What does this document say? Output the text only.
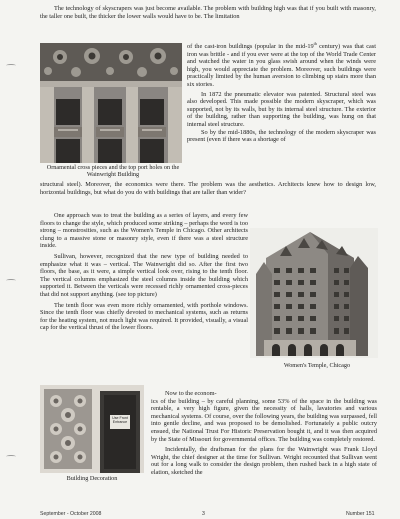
The technology of skyscrapers was just become available. The problem with building high was that if you built with masonry, the taller one built, the thicker the lower walls would have to be. The limitation

Ornamental cross pieces and the top port holes on the Wainwright Building

of the cast-iron buildings (popular in the mid-19th century) was that cast iron was brittle - and if you ever were at the top of the World Trade Center and watched the water in you glass swish around when the winds were high, you would appreciate the problem. Moreover, such buildings were practically limited by the human aversion to climbing up stairs more than six stories.

In 1872 the pneumatic elevator was patented. Structural steel was also developed. This made possible the modern skyscraper, which was supported, not by its walls, but by its internal steel structure. The exterior of the building, rather than supporting the building, was hung on that internal steel structure.

So by the mid-1880s, the technology of the modern skyscraper was present (even if there was a shortage of

structural steel). Moreover, the economics were there. The problem was the aesthetics. Architects knew how to design low, horizontal buildings, but what do you do with buildings that are taller than wider?

One approach was to treat the building as a series of layers, and every few floors to change the style, which produced some striking – perhaps the word is too strong – monstrosities, such as the Women's Temple in Chicago. Other architects clung to a massive stone or masonry style, even if there was a steel structure inside.

Sullivan, however, recognized that the new type of building needed to emphasize what it was – vertical. The Wainwright did so. After the first two floors, the base, as it were, a simple vertical look over, rising to the tenth floor. The vertical columns emphasized the steel columns inside the building which supported it. Between the verticals were recessed richly ornamented cross-pieces that did not support anything. (see top picture)

The tenth floor was even more richly ornamented, with porthole windows. Since the tenth floor was chiefly devoted to mechanical systems, such as returns for the heating system, not much light was required. It provided, visually, a visual cap for the vertical thrust of the lower floors.

Women's Temple, Chicago
Use Front
Entrance
Building Decoration

Now to the econom-

ics of the building – by careful planning, some 53% of the space in the building was rentable, a very high figure, given the necessity of halls, lavatories and various mechanical systems. Of course, over the following years, the building was surpassed, fell into gentle decline, and was proposed to be demolished. Fortunately a public outcry ensued, the National Trust For Historic Preservation bought it, and it was then acquired by the State of Missouri for governmental offices. The building was completely restored.

Incidentally, the draftsman for the plans for the Wainwright was Frank Lloyd Wright, the chief designer at the time for Sullivan. Wright recounted that Sullivan went out for a long walk to consider the design problem, then rushed back in a high state of elation, sketched the

September - October 2008	3	Number 151
